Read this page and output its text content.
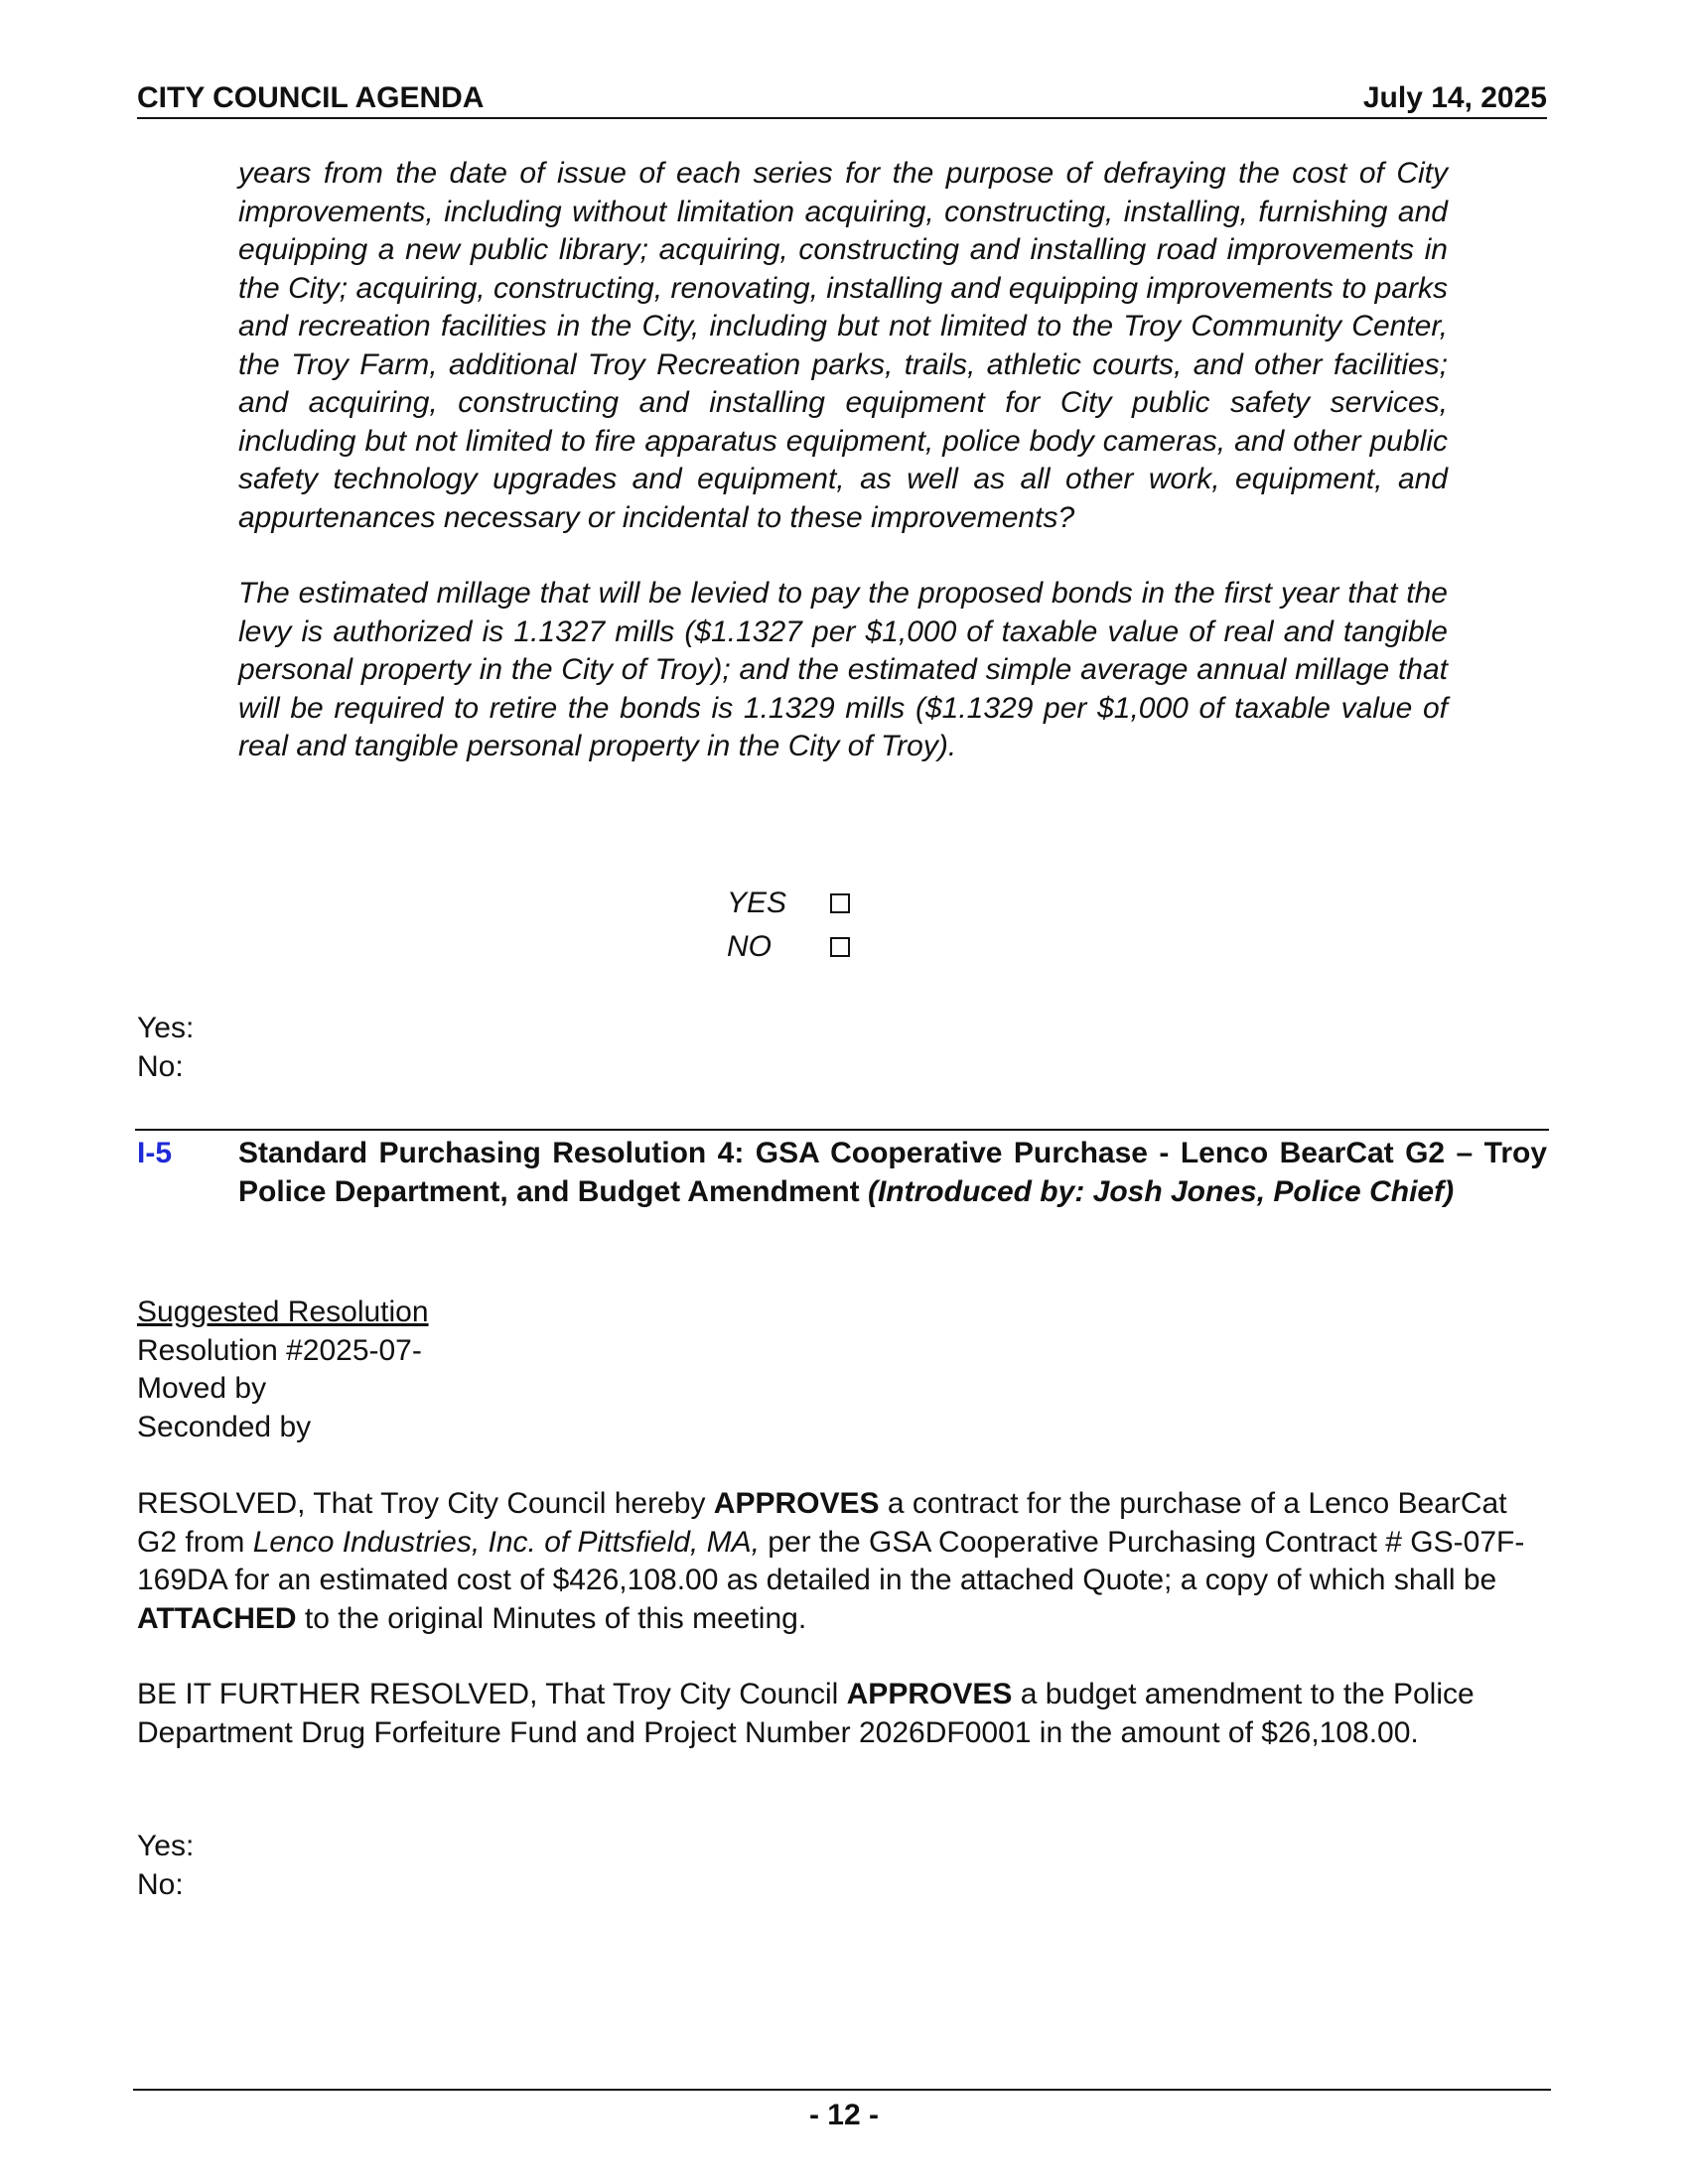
CITY COUNCIL AGENDA	July 14, 2025

years from the date of issue of each series for the purpose of defraying the cost of City improvements, including without limitation acquiring, constructing, installing, furnishing and equipping a new public library; acquiring, constructing and installing road improvements in the City; acquiring, constructing, renovating, installing and equipping improvements to parks and recreation facilities in the City, including but not limited to the Troy Community Center, the Troy Farm, additional Troy Recreation parks, trails, athletic courts, and other facilities; and acquiring, constructing and installing equipment for City public safety services, including but not limited to fire apparatus equipment, police body cameras, and other public safety technology upgrades and equipment, as well as all other work, equipment, and appurtenances necessary or incidental to these improvements?

The estimated millage that will be levied to pay the proposed bonds in the first year that the levy is authorized is 1.1327 mills ($1.1327 per $1,000 of taxable value of real and tangible personal property in the City of Troy); and the estimated simple average annual millage that will be required to retire the bonds is 1.1329 mills ($1.1329 per $1,000 of taxable value of real and tangible personal property in the City of Troy).

YES
NO
Yes:
No:
I-5 Standard Purchasing Resolution 4: GSA Cooperative Purchase - Lenco BearCat G2 – Troy Police Department, and Budget Amendment (Introduced by: Josh Jones, Police Chief)

Suggested Resolution
Resolution #2025-07-
Moved by
Seconded by

RESOLVED, That Troy City Council hereby APPROVES a contract for the purchase of a Lenco BearCat G2 from Lenco Industries, Inc. of Pittsfield, MA, per the GSA Cooperative Purchasing Contract # GS-07F-169DA for an estimated cost of $426,108.00 as detailed in the attached Quote; a copy of which shall be ATTACHED to the original Minutes of this meeting.

BE IT FURTHER RESOLVED, That Troy City Council APPROVES a budget amendment to the Police Department Drug Forfeiture Fund and Project Number 2026DF0001 in the amount of $26,108.00.

Yes:
No:
- 12 -
